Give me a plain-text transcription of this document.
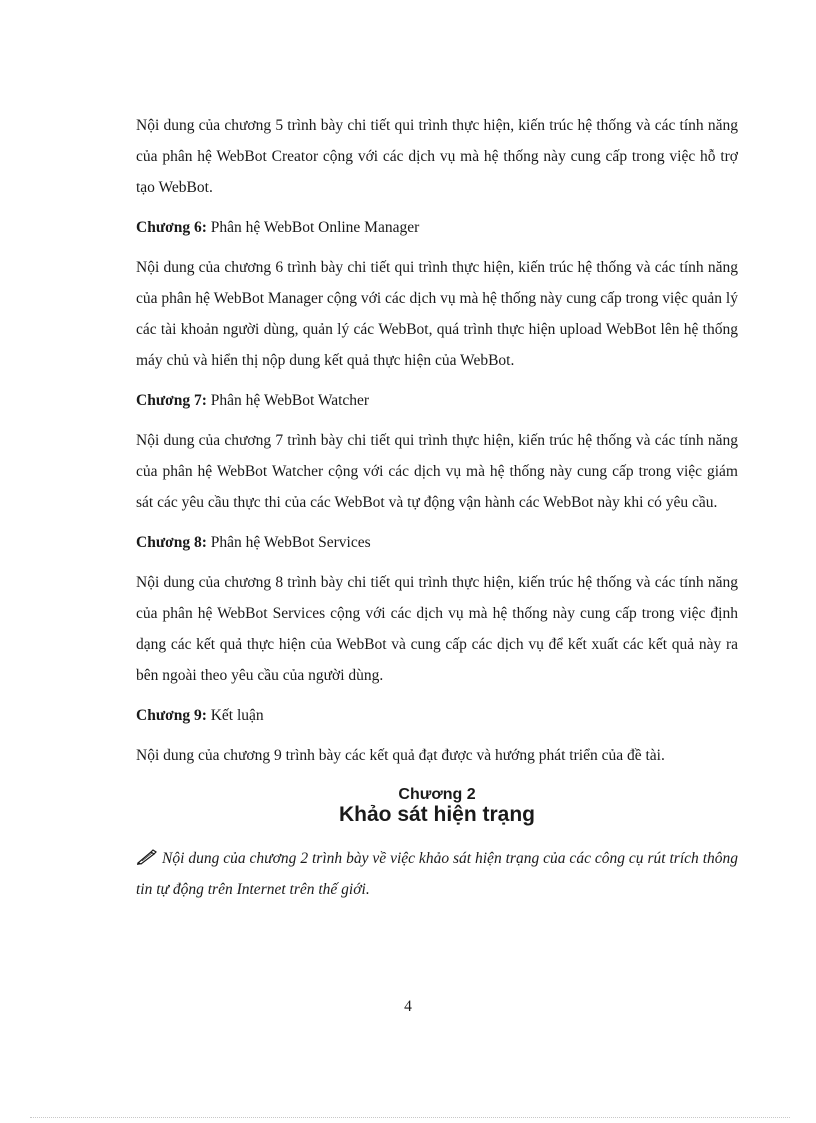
Nội dung của chương 5 trình bày chi tiết qui trình thực hiện, kiến trúc hệ thống và các tính năng của phân hệ WebBot Creator cộng với các dịch vụ mà hệ thống này cung cấp trong việc hỗ trợ tạo WebBot.

Chương 6: Phân hệ WebBot Online Manager

Nội dung của chương 6 trình bày chi tiết qui trình thực hiện, kiến trúc hệ thống và các tính năng của phân hệ WebBot Manager cộng với các dịch vụ mà hệ thống này cung cấp trong việc quản lý các tài khoản người dùng, quản lý các WebBot, quá trình thực hiện upload WebBot lên hệ thống máy chủ và hiển thị nộp dung kết quả thực hiện của WebBot.

Chương 7: Phân hệ WebBot Watcher

Nội dung của chương 7 trình bày chi tiết qui trình thực hiện, kiến trúc hệ thống và các tính năng của phân hệ WebBot Watcher cộng với các dịch vụ mà hệ thống này cung cấp trong việc giám sát các yêu cầu thực thi của các WebBot và tự động vận hành các WebBot này khi có yêu cầu.

Chương 8: Phân hệ WebBot Services

Nội dung của chương 8 trình bày chi tiết qui trình thực hiện, kiến trúc hệ thống và các tính năng của phân hệ WebBot Services cộng với các dịch vụ mà hệ thống này cung cấp trong việc định dạng các kết quả thực hiện của WebBot và cung cấp các dịch vụ để kết xuất các kết quả này ra bên ngoài theo yêu cầu của người dùng.

Chương 9: Kết luận

Nội dung của chương 9 trình bày các kết quả đạt được và hướng phát triển của đề tài.

Chương 2
Khảo sát hiện trạng
Nội dung của chương 2 trình bày về việc khảo sát hiện trạng của các công cụ rút trích thông tin tự động trên Internet trên thế giới.
4
